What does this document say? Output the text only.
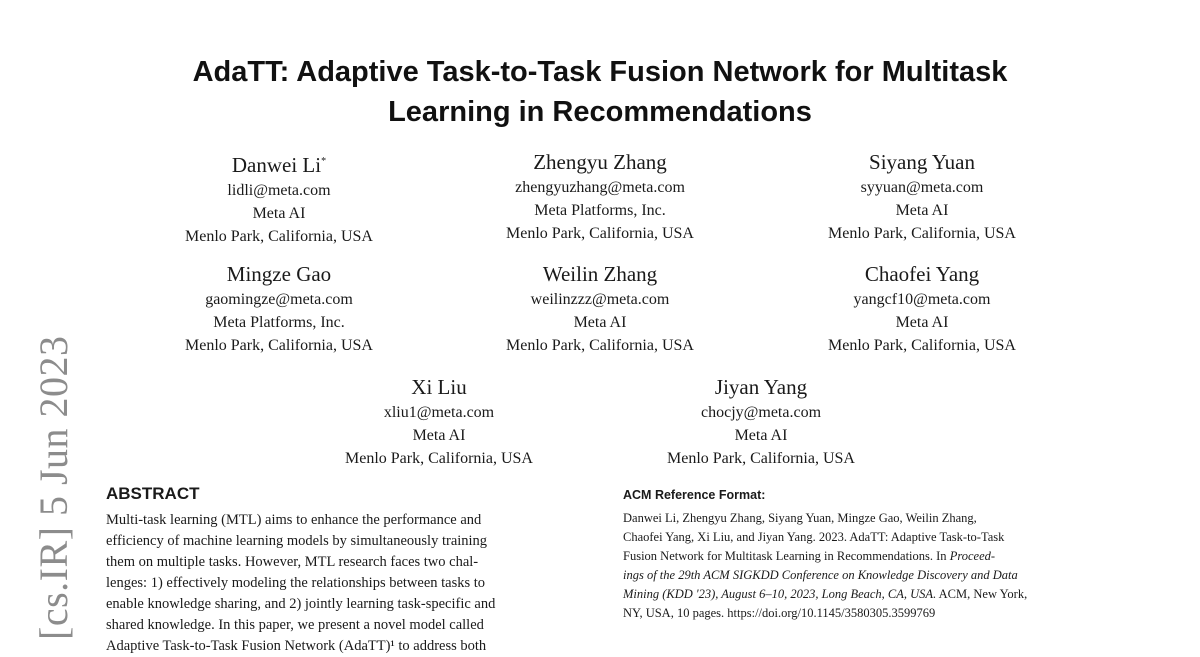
AdaTT: Adaptive Task-to-Task Fusion Network for Multitask
Learning in Recommendations
[cs.IR] 5 Jun 2023
Danwei Li*
lidli@meta.com
Meta AI
Menlo Park, California, USA
Zhengyu Zhang
zhengyuzhang@meta.com
Meta Platforms, Inc.
Menlo Park, California, USA
Siyang Yuan
syyuan@meta.com
Meta AI
Menlo Park, California, USA
Mingze Gao
gaomingze@meta.com
Meta Platforms, Inc.
Menlo Park, California, USA
Weilin Zhang
weilinzzz@meta.com
Meta AI
Menlo Park, California, USA
Chaofei Yang
yangcf10@meta.com
Meta AI
Menlo Park, California, USA
Xi Liu
xliu1@meta.com
Meta AI
Menlo Park, California, USA
Jiyan Yang
chocjy@meta.com
Meta AI
Menlo Park, California, USA
ABSTRACT

Multi-task learning (MTL) aims to enhance the performance and

efficiency of machine learning models by simultaneously training

them on multiple tasks. However, MTL research faces two chal-

lenges: 1) effectively modeling the relationships between tasks to

enable knowledge sharing, and 2) jointly learning task-specific and

shared knowledge. In this paper, we present a novel model called

Adaptive Task-to-Task Fusion Network (AdaTT)¹ to address both

ACM Reference Format:

Danwei Li, Zhengyu Zhang, Siyang Yuan, Mingze Gao, Weilin Zhang,

Chaofei Yang, Xi Liu, and Jiyan Yang. 2023. AdaTT: Adaptive Task-to-Task

Fusion Network for Multitask Learning in Recommendations. In Proceed-

ings of the 29th ACM SIGKDD Conference on Knowledge Discovery and Data

Mining (KDD '23), August 6–10, 2023, Long Beach, CA, USA. ACM, New York,

NY, USA, 10 pages. https://doi.org/10.1145/3580305.3599769
